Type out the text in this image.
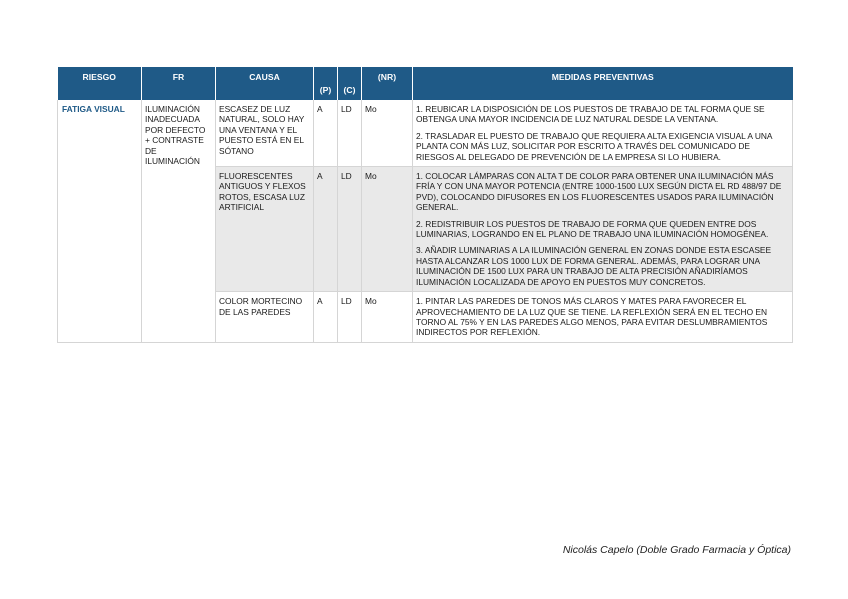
RIESGO	FR	CAUSA	(P)	(C)	(NR)	MEDIDAS PREVENTIVAS

FATIGA VISUAL	ILUMINACIÓN INADECUADA POR DEFECTO + CONTRASTE DE ILUMINACIÓN	ESCASEZ DE LUZ NATURAL, SOLO HAY UNA VENTANA Y EL PUESTO ESTÁ EN EL SÓTANO	A	LD	Mo	1. REUBICAR LA DISPOSICIÓN DE LOS PUESTOS DE TRABAJO DE TAL FORMA QUE SE OBTENGA UNA MAYOR INCIDENCIA DE LUZ NATURAL DESDE LA VENTANA.

2. TRASLADAR EL PUESTO DE TRABAJO QUE REQUIERA ALTA EXIGENCIA VISUAL A UNA PLANTA CON MÁS LUZ, SOLICITAR POR ESCRITO A TRAVÉS DEL COMUNICADO DE RIESGOS AL DELEGADO DE PREVENCIÓN DE LA EMPRESA SI LO HUBIERA.

		FLUORESCENTES ANTIGUOS Y FLEXOS ROTOS, ESCASA LUZ ARTIFICIAL	A	LD	Mo	1. COLOCAR LÁMPARAS CON ALTA T DE COLOR PARA OBTENER UNA ILUMINACIÓN MÁS FRÍA Y CON UNA MAYOR POTENCIA (ENTRE 1000-1500 LUX SEGÚN DICTA EL RD 488/97 DE PVD), COLOCANDO DIFUSORES EN LOS FLUORESCENTES USADOS PARA ILUMINACIÓN GENERAL.

2. REDISTRIBUIR LOS PUESTOS DE TRABAJO DE FORMA QUE QUEDEN ENTRE DOS LUMINARIAS, LOGRANDO EN EL PLANO DE TRABAJO UNA ILUMINACIÓN HOMOGÉNEA.

3. AÑADIR LUMINARIAS A LA ILUMINACIÓN GENERAL EN ZONAS DONDE ESTA ESCASEE HASTA ALCANZAR LOS 1000 LUX DE FORMA GENERAL. ADEMÁS, PARA LOGRAR UNA ILUMINACIÓN DE 1500 LUX PARA UN TRABAJO DE ALTA PRECISIÓN AÑADIRÍAMOS ILUMINACIÓN LOCALIZADA DE APOYO EN PUESTOS MUY CONCRETOS.

		COLOR MORTECINO DE LAS PAREDES	A	LD	Mo	1. PINTAR LAS PAREDES DE TONOS MÁS CLAROS Y MATES PARA FAVORECER EL APROVECHAMIENTO DE LA LUZ QUE SE TIENE. LA REFLEXIÓN SERÁ EN EL TECHO EN TORNO AL 75% Y EN LAS PAREDES ALGO MENOS, PARA EVITAR DESLUMBRAMIENTOS INDIRECTOS POR REFLEXIÓN.

Nicolás Capelo (Doble Grado Farmacia y Óptica)
